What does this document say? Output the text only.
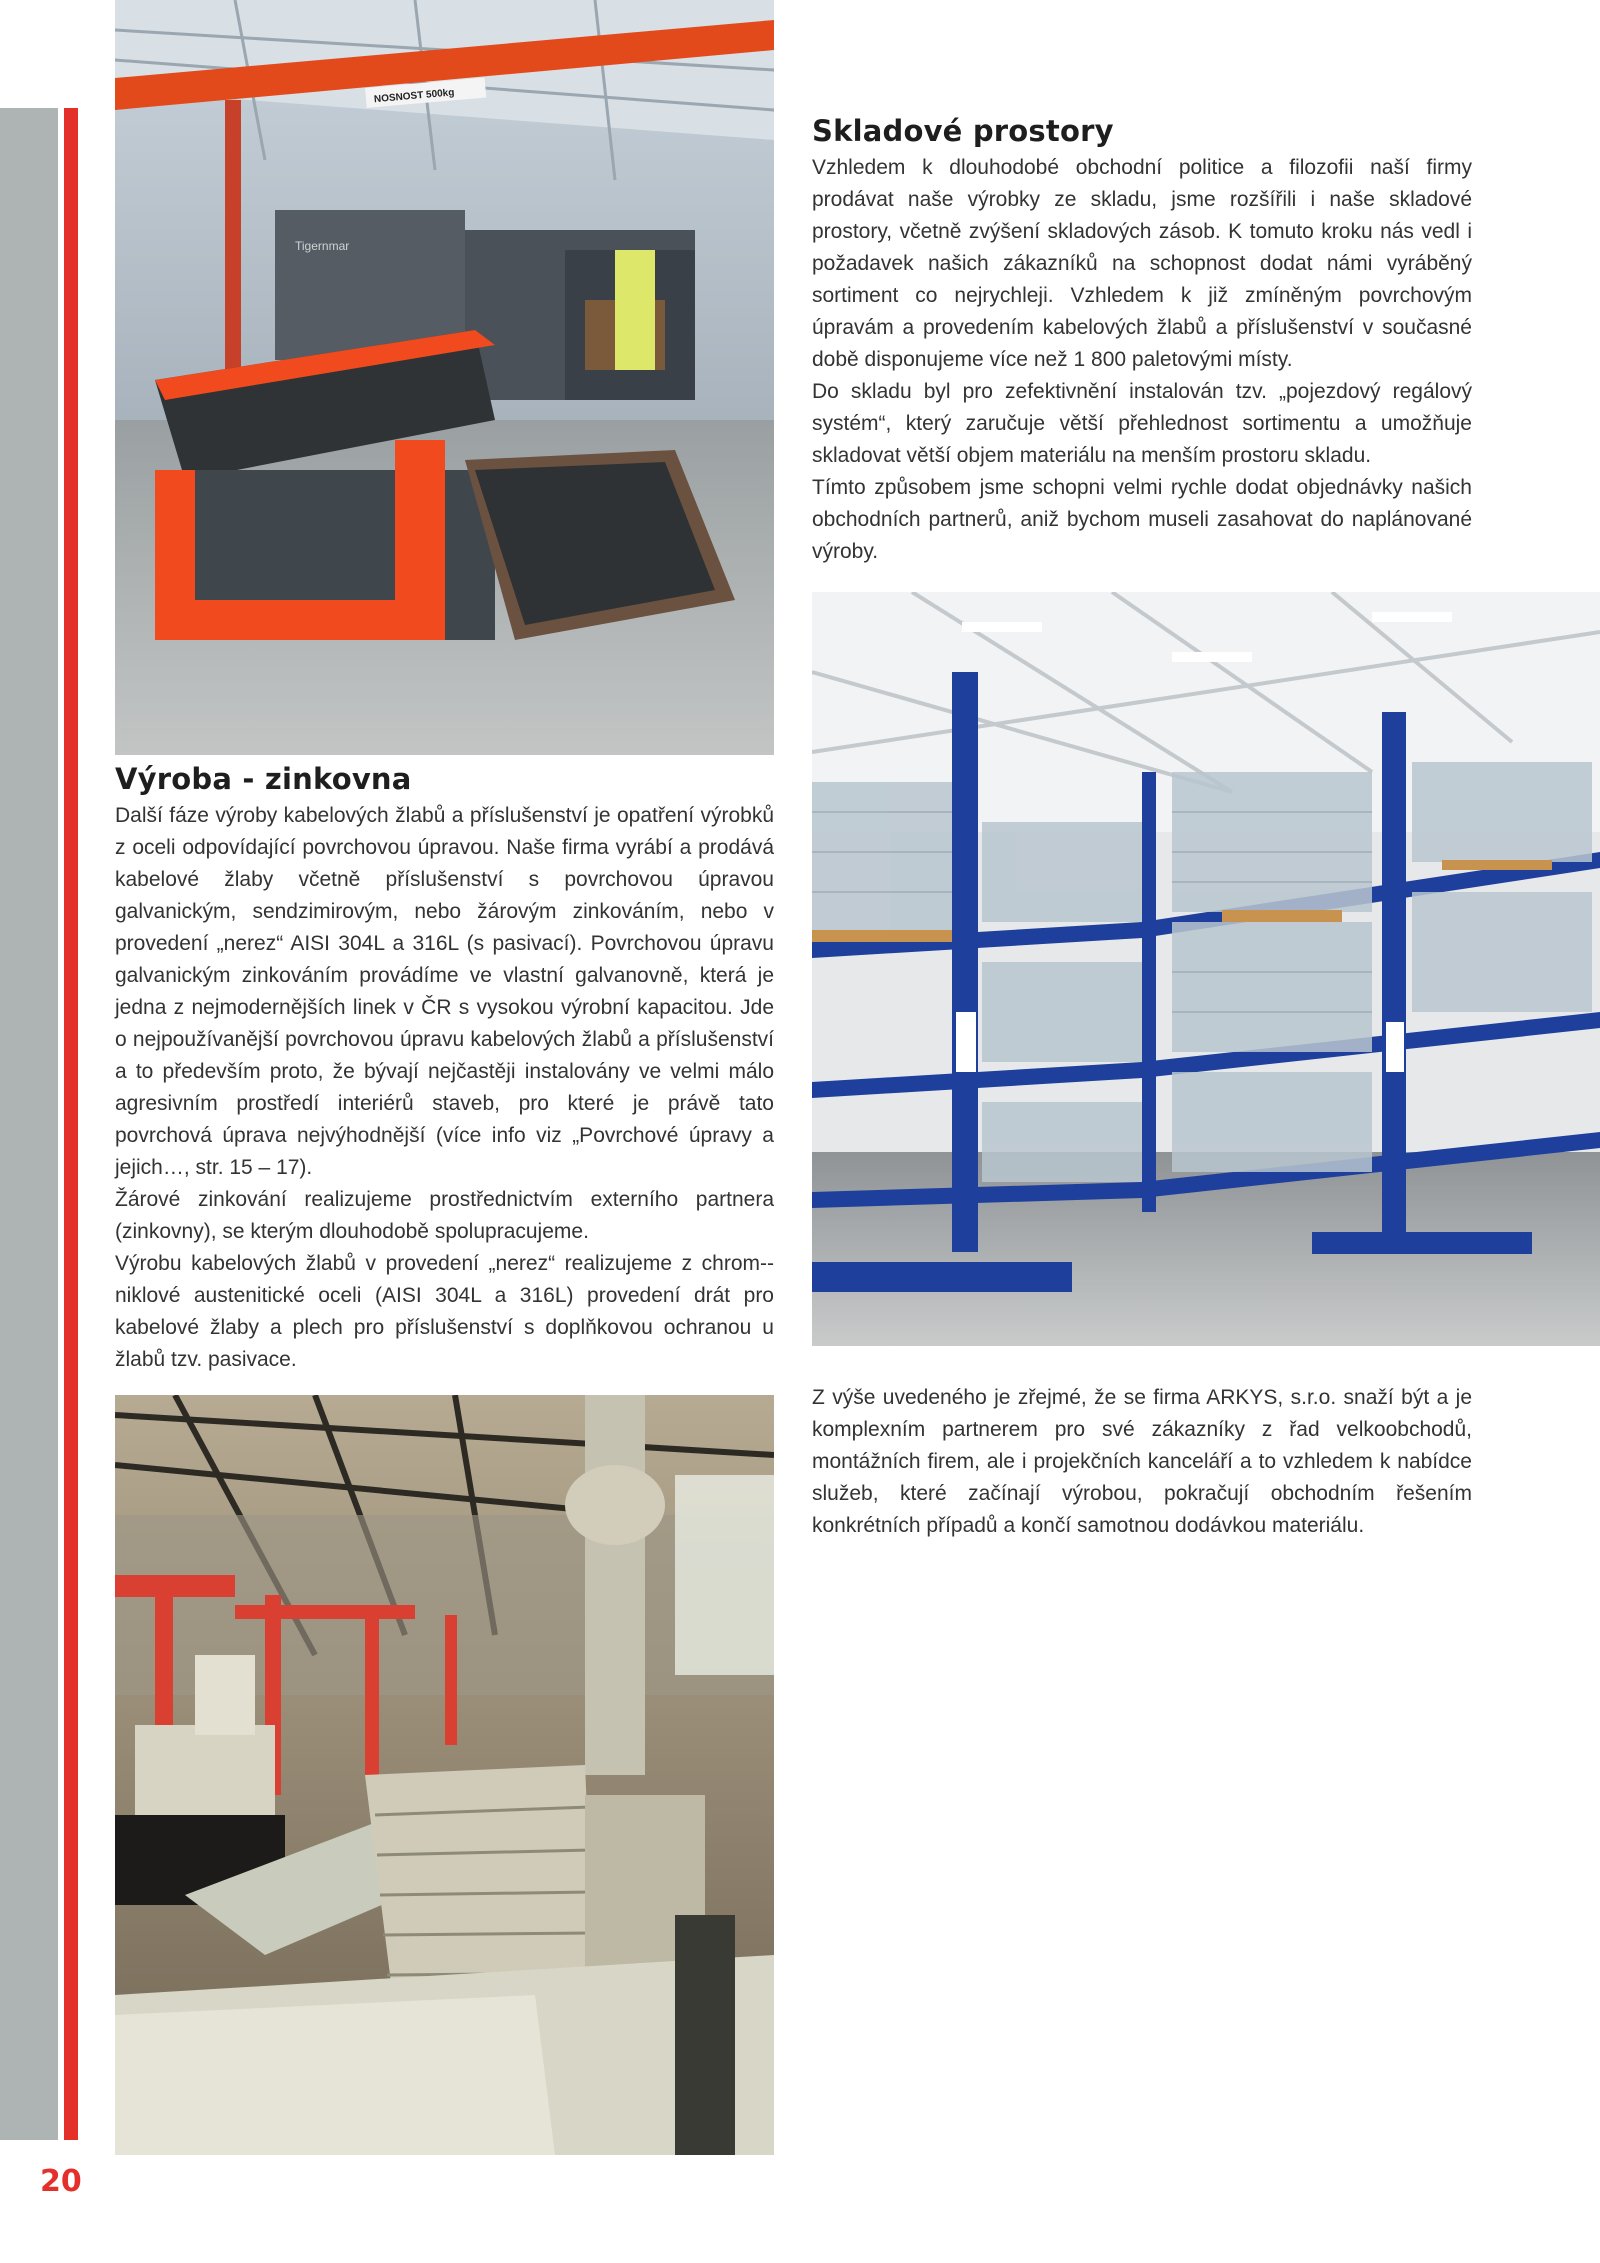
NOSNOST 500kg
Tigernmar
Skladové prostory

Vzhledem k dlouhodobé obchodní politice a filozofii naší firmy prodávat naše výrobky ze skladu, jsme rozšířili i naše skladové prostory, včetně zvýšení skladových zásob. K tomuto kroku nás vedl i požadavek našich zákazníků na schopnost dodat námi vyráběný sortiment co nejrychleji. Vzhledem k již zmíněným povrchovým úpravám a provedením kabelových žlabů a příslušenství v současné době disponujeme více než 1 800 paletovými místy.

Do skladu byl pro zefektivnění instalován tzv. „pojezdový regálový systém“, který zaručuje větší přehlednost sortimentu a umožňuje skladovat větší objem materiálu na menším prostoru skladu.

Tímto způsobem jsme schopni velmi rychle dodat objednávky našich obchodních partnerů, aniž bychom museli zasahovat do naplánované výroby.

Výroba - zinkovna

Další fáze výroby kabelových žlabů a příslušenství je opatření výrobků z oceli odpovídající povrchovou úpravou. Naše firma vyrábí a prodává kabelové žlaby včetně příslušenství s povrchovou úpravou galvanickým, sendzimirovým, nebo žárovým zinkováním, nebo v provedení „nerez“ AISI 304L a 316L (s pasivací). Povrchovou úpravu galvanickým zinkováním provádíme ve vlastní galvanovně, která je jedna z nejmodernějších linek v ČR s vysokou výrobní kapacitou. Jde o nejpoužívanější povrchovou úpravu kabelových žlabů a příslušenství a to především proto, že bývají nejčastěji instalovány ve velmi málo agresivním prostředí interiérů staveb, pro které je právě tato povrchová úprava nejvýhodnější (více info viz „Povrchové úpravy a jejich…, str. 15 – 17).

Žárové zinkování realizujeme prostřednictvím externího partnera (zinkovny), se kterým dlouhodobě spolupracujeme.

Výrobu kabelových žlabů v provedení „nerez“ realizujeme z chrom--niklové austenitické oceli (AISI 304L a 316L) provedení drát pro kabelové žlaby a plech pro příslušenství s doplňkovou ochranou u žlabů tzv. pasivace.

Z výše uvedeného je zřejmé, že se firma ARKYS, s.r.o. snaží být a je komplexním partnerem pro své zákazníky z řad velkoobchodů, montážních firem, ale i projekčních kanceláří a to vzhledem k nabídce služeb, které začínají výrobou, pokračují obchodním řešením konkrétních případů a končí samotnou dodávkou materiálu.

20
